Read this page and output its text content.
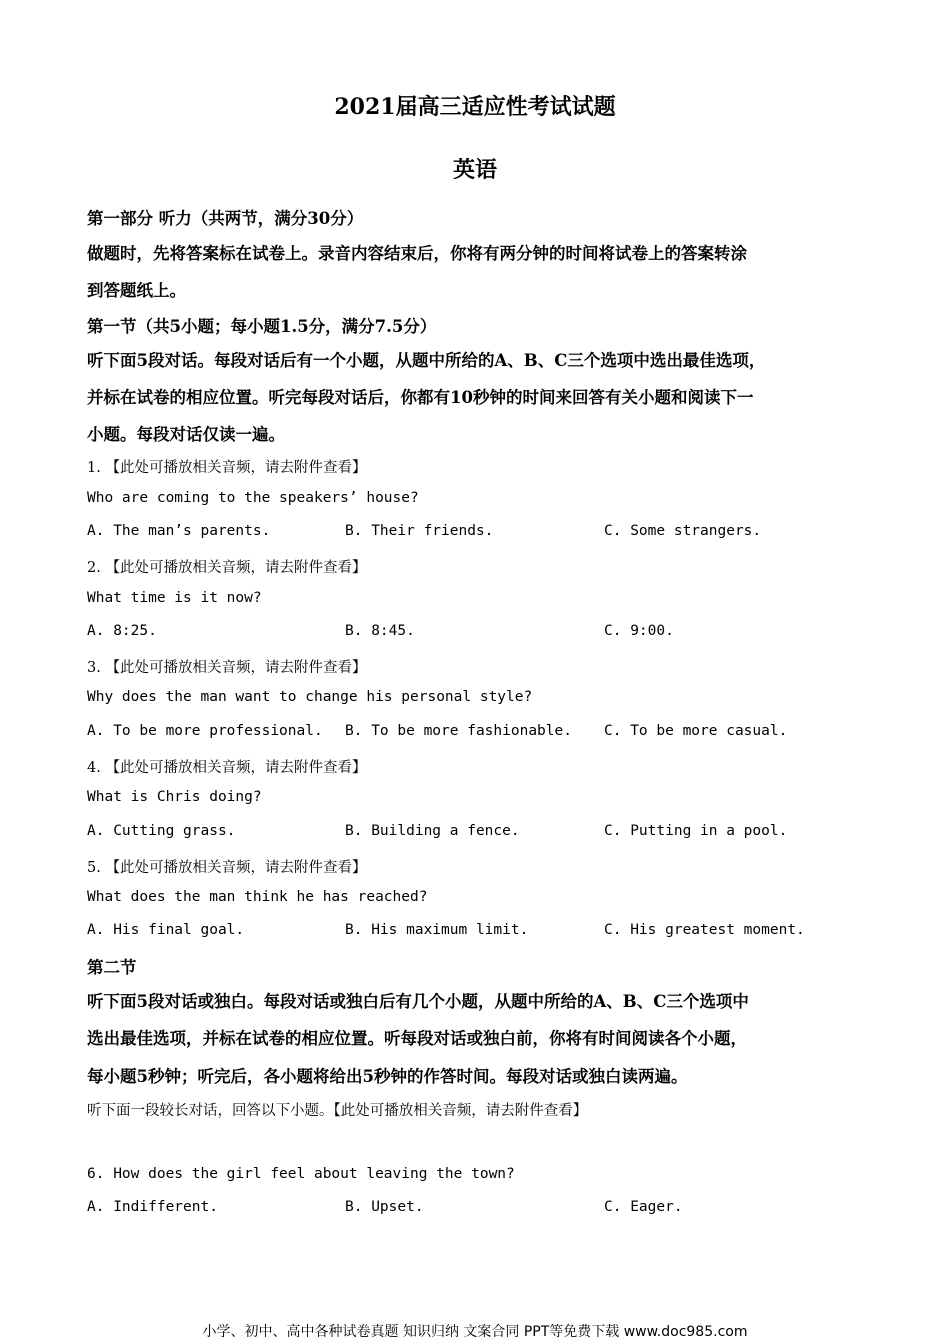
2021届高三适应性考试试题
英语
第一部分 听力（共两节，满分30分）
做题时，先将答案标在试卷上。录音内容结束后，你将有两分钟的时间将试卷上的答案转涂
到答题纸上。
第一节（共5小题；每小题1.5分，满分7.5分）
听下面5段对话。每段对话后有一个小题，从题中所给的A、B、C三个选项中选出最佳选项，
并标在试卷的相应位置。听完每段对话后，你都有10秒钟的时间来回答有关小题和阅读下一
小题。每段对话仅读一遍。
1. 【此处可播放相关音频，请去附件查看】
Who are coming to the speakers’ house?
A. The man’s parents.	B. Their friends.	C. Some strangers.
2. 【此处可播放相关音频，请去附件查看】
What time is it now?
A. 8:25.	B. 8:45.	C. 9:00.
3. 【此处可播放相关音频，请去附件查看】
Why does the man want to change his personal style?
A. To be more professional. B. To be more fashionable. C. To be more casual.
4. 【此处可播放相关音频，请去附件查看】
What is Chris doing?
A. Cutting grass.	B. Building a fence.	C. Putting in a pool.
5. 【此处可播放相关音频，请去附件查看】
What does the man think he has reached?
A. His final goal.	B. His maximum limit.	C. His greatest moment.
第二节
听下面5段对话或独白。每段对话或独白后有几个小题，从题中所给的A、B、C三个选项中
选出最佳选项，并标在试卷的相应位置。听每段对话或独白前，你将有时间阅读各个小题，
每小题5秒钟；听完后，各小题将给出5秒钟的作答时间。每段对话或独白读两遍。
听下面一段较长对话，回答以下小题。【此处可播放相关音频，请去附件查看】
6. How does the girl feel about leaving the town?
A. Indifferent.	B. Upset.	C. Eager.
小学、初中、高中各种试卷真题 知识归纳 文案合同 PPT等免费下载 www.doc985.com
